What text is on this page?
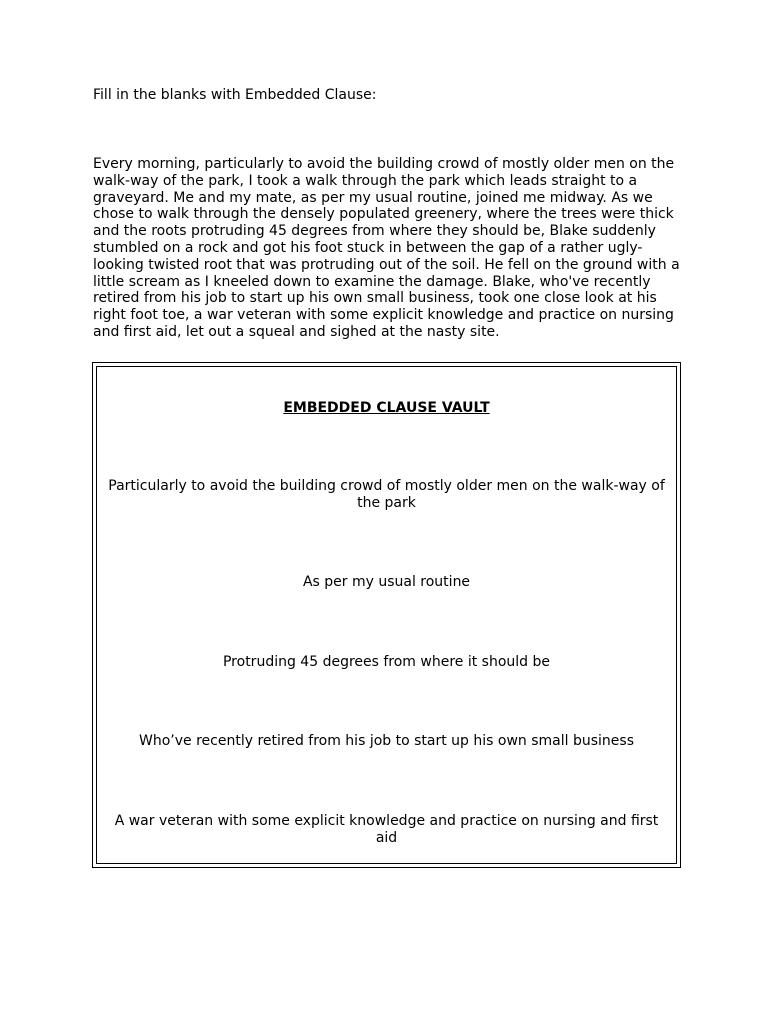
Fill in the blanks with Embedded Clause:

Every morning, particularly to avoid the building crowd of mostly older men on the walk-way of the park, I took a walk through the park which leads straight to a graveyard. Me and my mate, as per my usual routine, joined me midway. As we chose to walk through the densely populated greenery, where the trees were thick and the roots protruding 45 degrees from where they should be, Blake suddenly stumbled on a rock and got his foot stuck in between the gap of a rather ugly-looking twisted root that was protruding out of the soil. He fell on the ground with a little scream as I kneeled down to examine the damage. Blake, who've recently retired from his job to start up his own small business, took one close look at his right foot toe, a war veteran with some explicit knowledge and practice on nursing and first aid, let out a squeal and sighed at the nasty site.

EMBEDDED CLAUSE VAULT

Particularly to avoid the building crowd of mostly older men on the walk-way of the park

As per my usual routine

Protruding 45 degrees from where it should be

Who’ve recently retired from his job to start up his own small business

A war veteran with some explicit knowledge and practice on nursing and first aid
